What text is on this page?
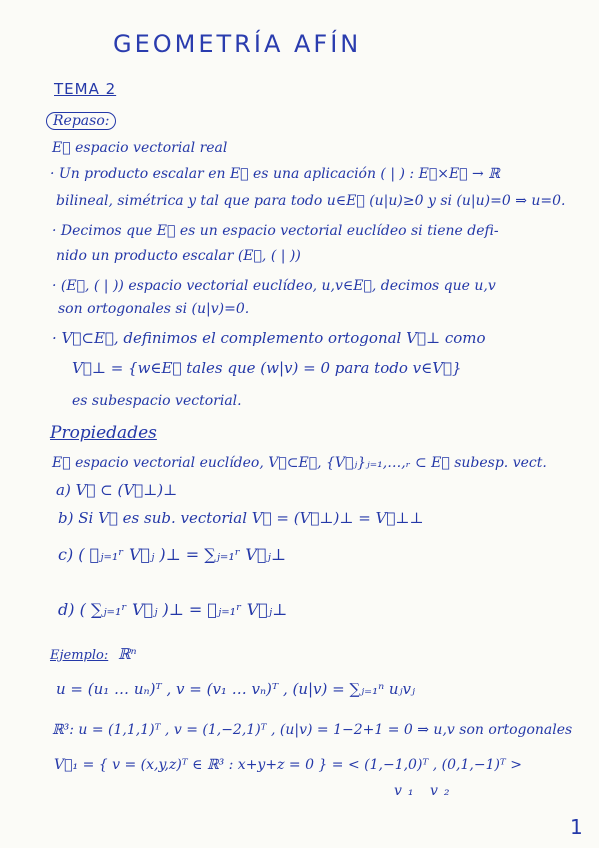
GEOMETRÍA AFÍN
TEMA 2
Repaso:
E⃗ espacio vectorial real
· Un producto escalar en E⃗ es una aplicación ( | ) : E⃗×E⃗ → ℝ
bilineal, simétrica y tal que para todo u∈E⃗ (u|u)≥0 y si (u|u)=0 ⇒ u=0.
· Decimos que E⃗ es un espacio vectorial euclídeo si tiene defi-
nido un producto escalar (E⃗, ( | ))
· (E⃗, ( | )) espacio vectorial euclídeo, u,v∈E⃗, decimos que u,v
son ortogonales si (u|v)=0.
· V⃗⊂E⃗, definimos el complemento ortogonal V⃗⊥ como
V⃗⊥ = {w∈E⃗ tales que (w|v) = 0 para todo v∈V⃗}
es subespacio vectorial.
Propiedades
E⃗ espacio vectorial euclídeo, V⃗⊂E⃗, {V⃗ⱼ}ⱼ₌₁,…,ᵣ ⊂ E⃗ subesp. vect.
a) V⃗ ⊂ (V⃗⊥)⊥
b) Si V⃗ es sub. vectorial V⃗ = (V⃗⊥)⊥ = V⃗⊥⊥
c) ( ⋂ⱼ₌₁ʳ V⃗ⱼ )⊥ = ∑ⱼ₌₁ʳ V⃗ⱼ⊥
d) ( ∑ⱼ₌₁ʳ V⃗ⱼ )⊥ = ⋂ⱼ₌₁ʳ V⃗ⱼ⊥
Ejemplo: ℝⁿ
u = (u₁ … uₙ)ᵀ , v = (v₁ … vₙ)ᵀ , (u|v) = ∑ⱼ₌₁ⁿ uⱼvⱼ
ℝ³: u = (1,1,1)ᵀ , v = (1,−2,1)ᵀ , (u|v) = 1−2+1 = 0 ⇒ u,v son ortogonales
V⃗₁ = { v = (x,y,z)ᵀ ∈ ℝ³ : x+y+z = 0 } = < (1,−1,0)ᵀ , (0,1,−1)ᵀ >
v₁ v₂
1
